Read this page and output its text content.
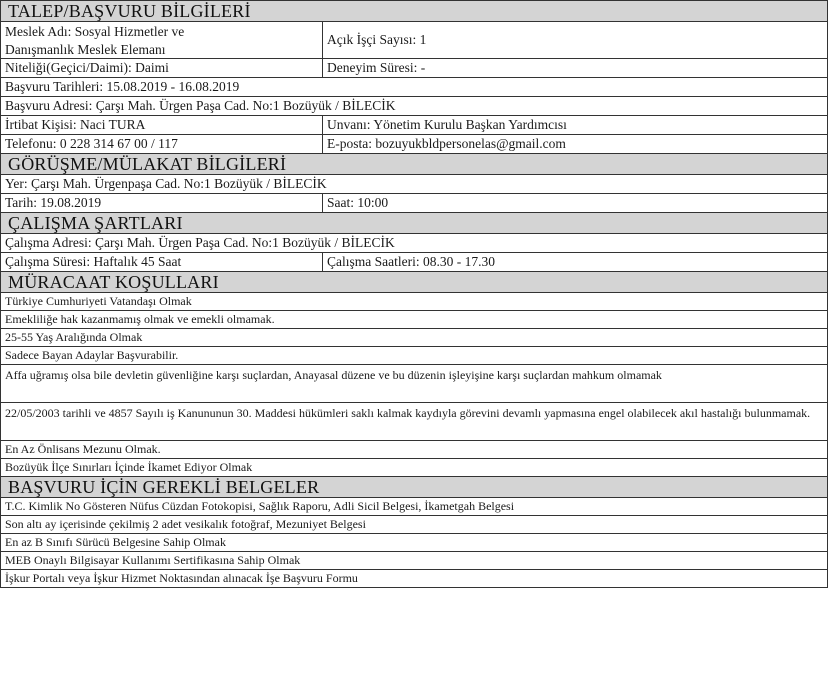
TALEP/BAŞVURU BİLGİLERİ
Meslek Adı: Sosyal Hizmetler ve
Danışmanlık Meslek Elemanı
Açık İşçi Sayısı: 1
Niteliği(Geçici/Daimi): Daimi	Deneyim Süresi: -
Başvuru Tarihleri: 15.08.2019 - 16.08.2019
Başvuru Adresi: Çarşı Mah. Ürgen Paşa Cad. No:1 Bozüyük / BİLECİK
İrtibat Kişisi: Naci TURA	Unvanı: Yönetim Kurulu Başkan Yardımcısı
Telefonu: 0 228 314 67 00 / 117	E-posta: bozuyukbldpersonelas@gmail.com
GÖRÜŞME/MÜLAKAT BİLGİLERİ
Yer: Çarşı Mah. Ürgenpaşa Cad. No:1 Bozüyük / BİLECİK
Tarih: 19.08.2019	Saat: 10:00
ÇALIŞMA ŞARTLARI
Çalışma Adresi: Çarşı Mah. Ürgen Paşa Cad. No:1 Bozüyük / BİLECİK
Çalışma Süresi: Haftalık 45 Saat	Çalışma Saatleri: 08.30 - 17.30
MÜRACAAT KOŞULLARI
Türkiye Cumhuriyeti Vatandaşı Olmak
Emekliliğe hak kazanmamış olmak ve emekli olmamak.
25-55 Yaş Aralığında Olmak
Sadece Bayan Adaylar Başvurabilir.
Affa uğramış olsa bile devletin güvenliğine karşı suçlardan, Anayasal düzene ve bu düzenin işleyişine karşı suçlardan mahkum olmamak
22/05/2003 tarihli ve 4857 Sayılı iş Kanununun 30. Maddesi hükümleri saklı kalmak kaydıyla görevini devamlı yapmasına engel olabilecek akıl hastalığı bulunmamak.
En Az Önlisans Mezunu Olmak.
Bozüyük İlçe Sınırları İçinde İkamet Ediyor Olmak
BAŞVURU İÇİN GEREKLİ BELGELER
T.C. Kimlik No Gösteren Nüfus Cüzdan Fotokopisi, Sağlık Raporu, Adli Sicil Belgesi, İkametgah Belgesi
Son altı ay içerisinde çekilmiş 2 adet vesikalık fotoğraf, Mezuniyet Belgesi
En az B Sınıfı Sürücü Belgesine Sahip Olmak
MEB Onaylı Bilgisayar Kullanımı Sertifikasına Sahip Olmak
İşkur Portalı veya İşkur Hizmet Noktasından alınacak İşe Başvuru Formu
